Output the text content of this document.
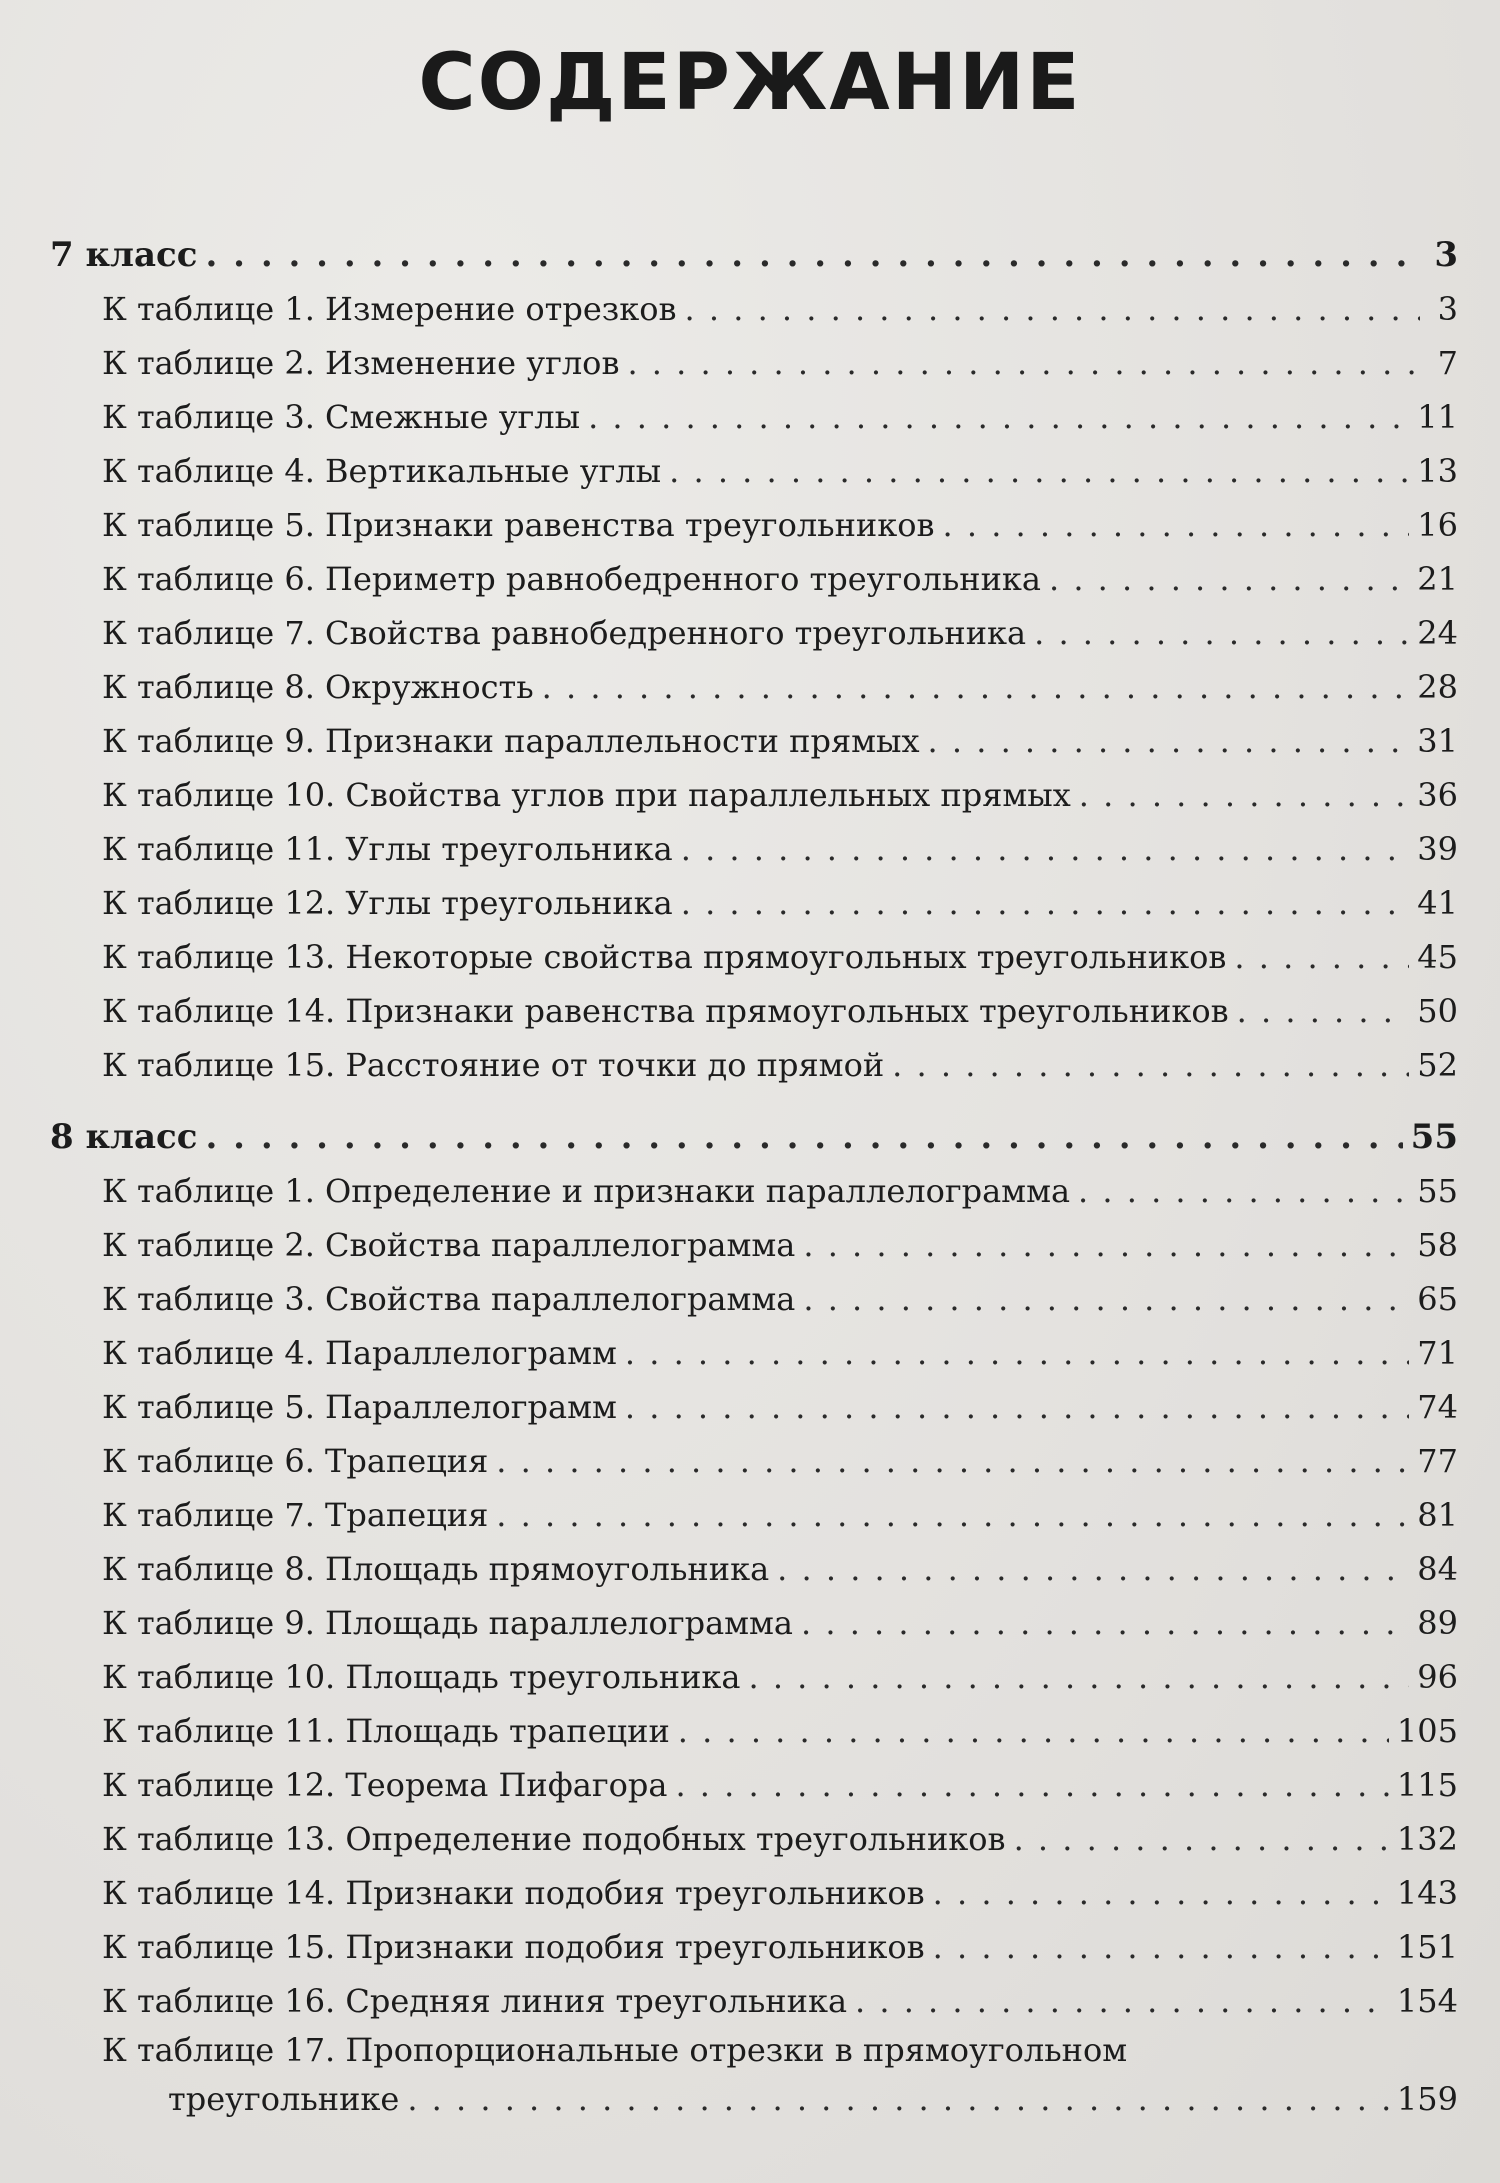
СОДЕРЖАНИЕ
7 класс . . .	3
К таблице 1. Измерение отрезков . . .	3
К таблице 2. Изменение углов . . .	7
К таблице 3. Смежные углы . . .	11
К таблице 4. Вертикальные углы . . .	13
К таблице 5. Признаки равенства треугольников . . .	16
К таблице 6. Периметр равнобедренного треугольника . . .	21
К таблице 7. Свойства равнобедренного треугольника . . .	24
К таблице 8. Окружность . . .	28
К таблице 9. Признаки параллельности прямых . . .	31
К таблице 10. Свойства углов при параллельных прямых . . .	36
К таблице 11. Углы треугольника . . .	39
К таблице 12. Углы треугольника . . .	41
К таблице 13. Некоторые свойства прямоугольных треугольников . . .	45
К таблице 14. Признаки равенства прямоугольных треугольников . . .	50
К таблице 15. Расстояние от точки до прямой . . .	52
8 класс . . .	55
К таблице 1. Определение и признаки параллелограмма . . .	55
К таблице 2. Свойства параллелограмма . . .	58
К таблице 3. Свойства параллелограмма . . .	65
К таблице 4. Параллелограмм . . .	71
К таблице 5. Параллелограмм . . .	74
К таблице 6. Трапеция . . .	77
К таблице 7. Трапеция . . .	81
К таблице 8. Площадь прямоугольника . . .	84
К таблице 9. Площадь параллелограмма . . .	89
К таблице 10. Площадь треугольника . . .	96
К таблице 11. Площадь трапеции . . .	105
К таблице 12. Теорема Пифагора . . .	115
К таблице 13. Определение подобных треугольников . . .	132
К таблице 14. Признаки подобия треугольников . . .	143
К таблице 15. Признаки подобия треугольников . . .	151
К таблице 16. Средняя линия треугольника . . .	154
К таблице 17. Пропорциональные отрезки в прямоугольном
треугольнике . . .	159
